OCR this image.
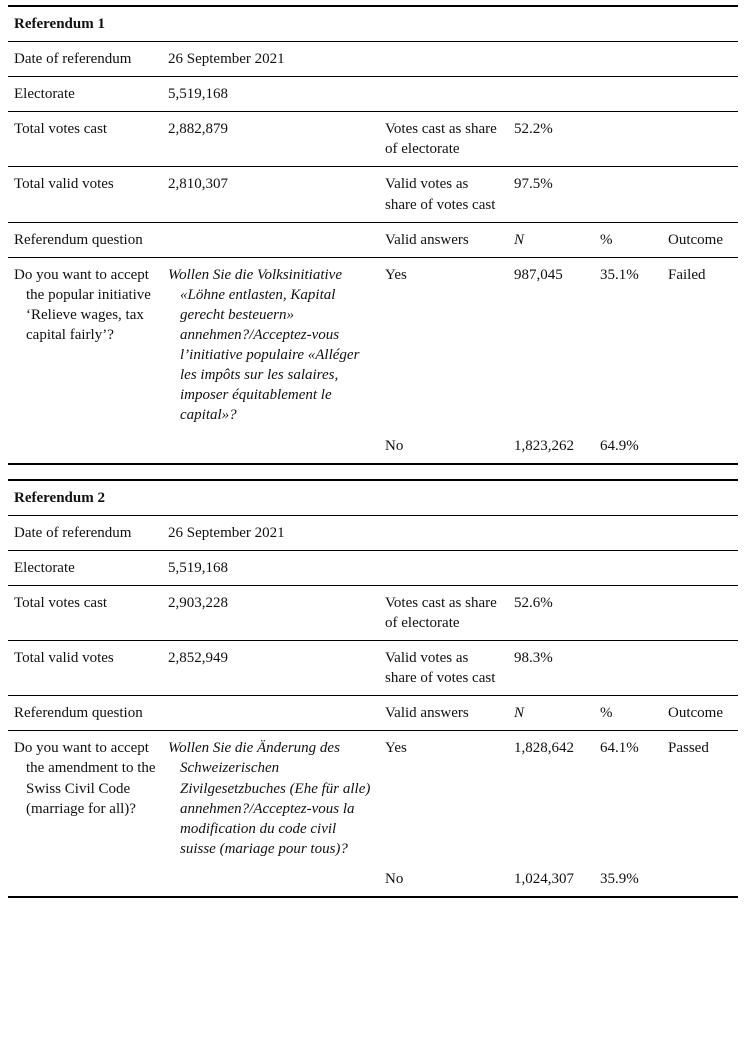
Referendum 1					
Date of referendum	26 September 2021				
Electorate	5,519,168				
Total votes cast	2,882,879	Votes cast as share of electorate	52.2%		
Total valid votes	2,810,307	Valid votes as share of votes cast	97.5%		
Referendum question		Valid answers	N	%	Outcome

Do you want to accept the popular initiative ‘Relieve wages, tax capital fairly’?	Wollen Sie die Volksinitiative «Löhne entlasten, Kapital gerecht besteuern» annehmen?/Acceptez-vous l’initiative populaire «Alléger les impôts sur les salaires, imposer équitablement le capital»?	Yes	987,045	35.1%	Failed
		No	1,823,262	64.9%	
Referendum 2					
Date of referendum	26 September 2021				
Electorate	5,519,168				
Total votes cast	2,903,228	Votes cast as share of electorate	52.6%		
Total valid votes	2,852,949	Valid votes as share of votes cast	98.3%		
Referendum question		Valid answers	N	%	Outcome

Do you want to accept the amendment to the Swiss Civil Code (marriage for all)?	Wollen Sie die Änderung des Schweizerischen Zivilgesetzbuches (Ehe für alle) annehmen?/Acceptez-vous la modification du code civil suisse (mariage pour tous)?	Yes	1,828,642	64.1%	Passed
		No	1,024,307	35.9%	
